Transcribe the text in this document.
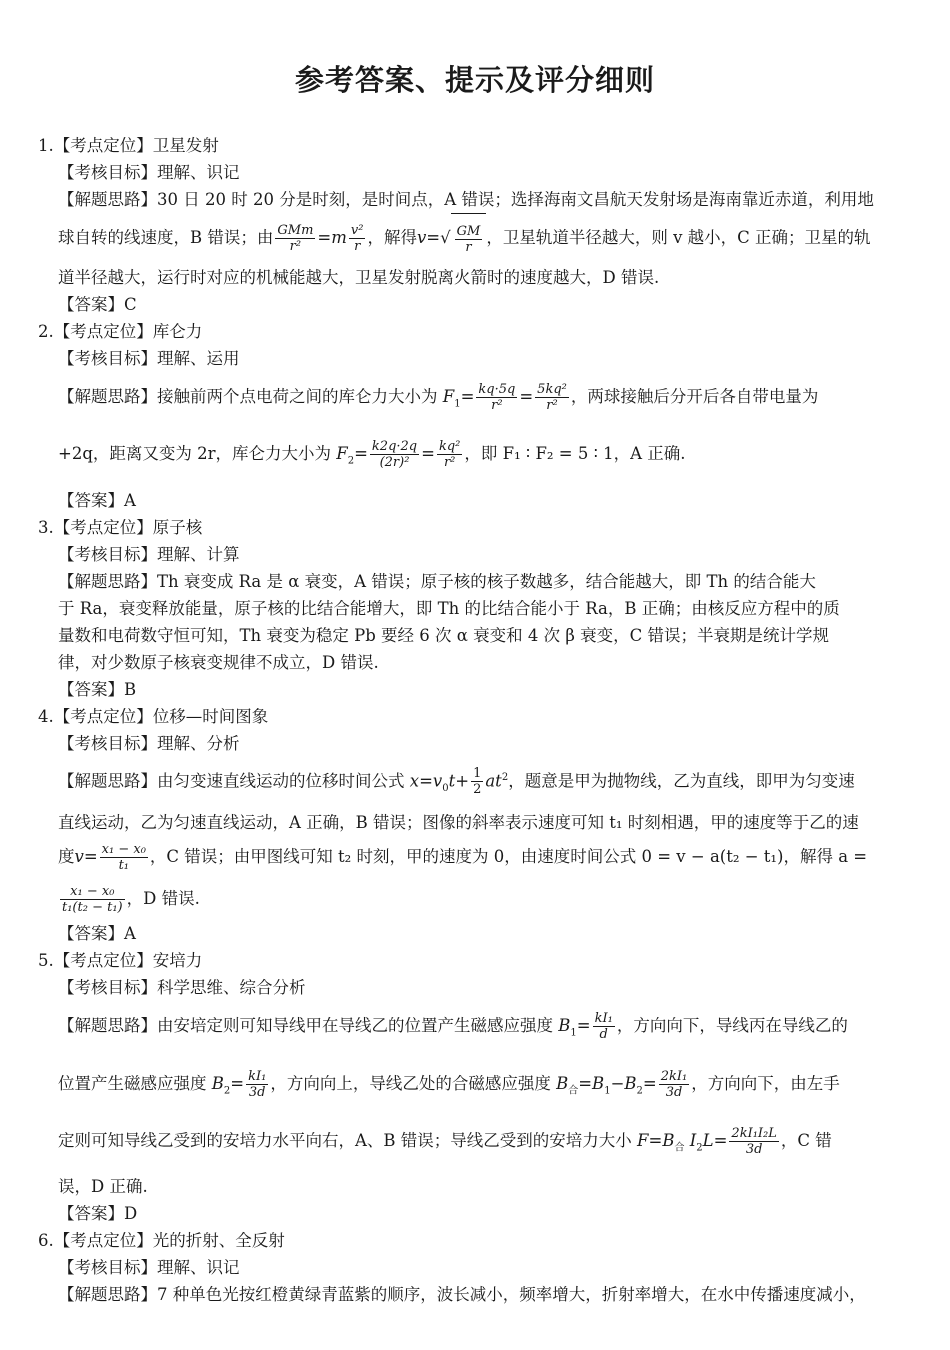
参考答案、提示及评分细则
1.【考点定位】卫星发射
【考核目标】理解、识记
【解题思路】30 日 20 时 20 分是时刻，是时间点，A 错误；选择海南文昌航天发射场是海南靠近赤道，利用地
球自转的线速度，B 错误；由 $\frac{\text{GMm}}{\text{r²}} =m \frac{\text{v²}}{r}$ ，解得$v=√ \frac{GM}{r}$ ，卫星轨道半径越大，则 v 越小，C 正确；卫星的轨
道半径越大，运行时对应的机械能越大，卫星发射脱离火箭时的速度越大，D 错误.
【答案】C
2.【考点定位】库仑力
【考核目标】理解、运用
【解题思路】接触前两个点电荷之间的库仑力大小为 $F_1= \frac{kq\cdot 5q}{\text{r²}} = \frac{\text{5kq²}}{\text{r²}}$ ，两球接触后分开后各自带电量为
+2q，距离又变为 2r，库仑力大小为 $F_2= \frac{k2q\cdot 2q}{\text{(2r)²}} = \frac{\text{kq²}}{\text{r²}}$ ，即 F₁ ∶ F₂ = 5 ∶ 1，A 正确.
【答案】A
3.【考点定位】原子核
【考核目标】理解、计算
【解题思路】Th 衰变成 Ra 是 α 衰变，A 错误；原子核的核子数越多，结合能越大，即 Th 的结合能大
于 Ra，衰变释放能量，原子核的比结合能增大，即 Th 的比结合能小于 Ra，B 正确；由核反应方程中的质
量数和电荷数守恒可知，Th 衰变为稳定 Pb 要经 6 次 α 衰变和 4 次 β 衰变，C 错误；半衰期是统计学规
律，对少数原子核衰变规律不成立，D 错误.
【答案】B
4.【考点定位】位移—时间图象
【考核目标】理解、分析
【解题思路】由匀变速直线运动的位移时间公式 $x=v_0t+ \frac{1}{2} at^2$，题意是甲为抛物线，乙为直线，即甲为匀变速
直线运动，乙为匀速直线运动，A 正确，B 错误；图像的斜率表示速度可知 t₁ 时刻相遇，甲的速度等于乙的速
度$v= \frac{\text{x₁ − x₀}}{\text{t₁}}$ ，C 错误；由甲图线可知 t₂ 时刻，甲的速度为 0，由速度时间公式 0 = v − a(t₂ − t₁)，解得 a =
$\frac{\text{x₁ − x₀}}{\text{t₁(t₂ − t₁)}}$ ，D 错误.
【答案】A
5.【考点定位】安培力
【考核目标】科学思维、综合分析
【解题思路】由安培定则可知导线甲在导线乙的位置产生磁感应强度 $B_1= \frac{\text{kI₁}}{d}$ ，方向向下，导线丙在导线乙的
位置产生磁感应强度 $B_2= \frac{\text{kI₁}}{3d}$ ，方向向上，导线乙处的合磁感应强度 $B_合=B_1-B_2= \frac{\text{2kI₁}}{3d}$ ，方向向下，由左手
定则可知导线乙受到的安培力水平向右，A、B 错误；导线乙受到的安培力大小 $F=B_合$ $I_2L= \frac{\text{2kI₁I₂L}}{3d}$ ，C 错
误，D 正确.
【答案】D
6.【考点定位】光的折射、全反射
【考核目标】理解、识记
【解题思路】7 种单色光按红橙黄绿青蓝紫的顺序，波长减小，频率增大，折射率增大，在水中传播速度减小，
